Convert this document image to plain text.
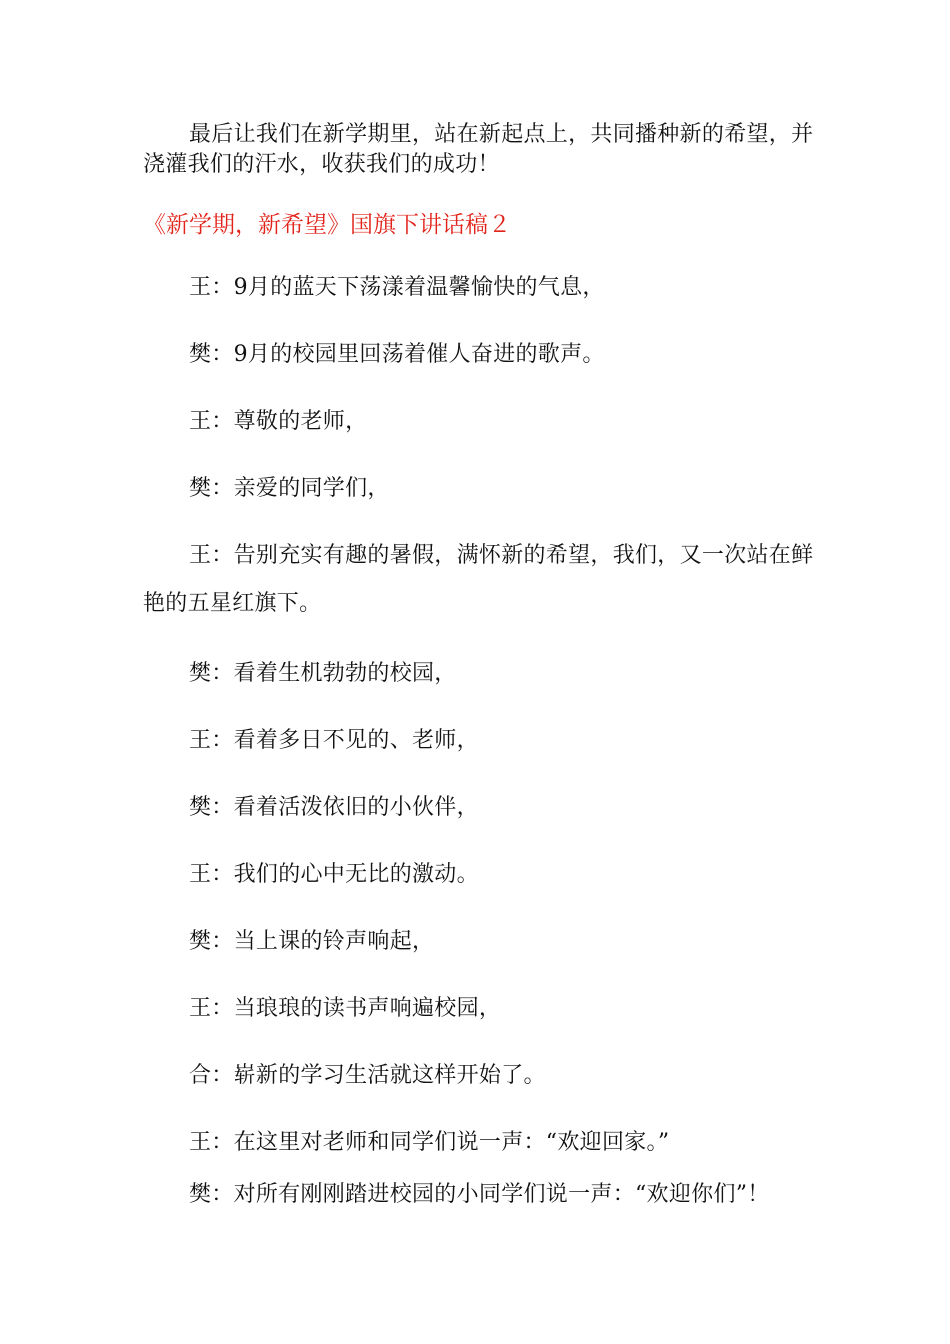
最后让我们在新学期里，站在新起点上，共同播种新的希望，并浇灌我们的汗水，收获我们的成功！

《新学期，新希望》国旗下讲话稿２

王：9月的蓝天下荡漾着温馨愉快的气息，

樊：9月的校园里回荡着催人奋进的歌声。

王：尊敬的老师，

樊：亲爱的同学们，

王：告别充实有趣的暑假，满怀新的希望，我们，又一次站在鲜艳的五星红旗下。

樊：看着生机勃勃的校园，

王：看着多日不见的、老师，

樊：看着活泼依旧的小伙伴，

王：我们的心中无比的激动。

樊：当上课的铃声响起，

王：当琅琅的读书声响遍校园，

合：崭新的学习生活就这样开始了。

王：在这里对老师和同学们说一声：“欢迎回家。”

樊：对所有刚刚踏进校园的小同学们说一声：“欢迎你们”！
